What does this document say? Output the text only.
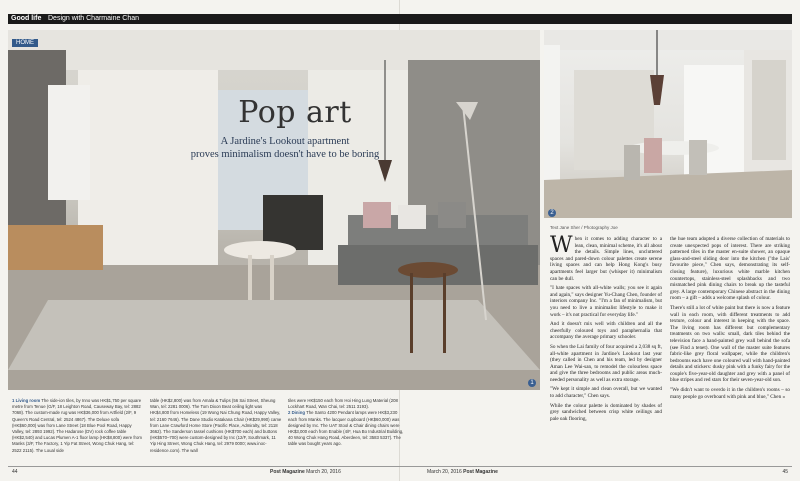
Good life Design with Charmaine Chan
HOME
1
Pop art
A Jardine's Lookout apartment
proves minimalism doesn't have to be boring
2
1 Living room The side-ion tiles, by Inno was HK$1,750 per square metre from Tenue (G/F, 18 Leighton Road, Causeway Bay, tel: 2882 7068). The custom-made rug was HK$36,000 from Artfield (2/F, 9 Queen's Road Central, tel: 2524 4867). The Deluxe sofa (HK$60,000) was from Lane Street (18 Blue Pool Road, Happy Valley, tel: 2893 1992). The Hadarose (DV) rock coffee table (HK$2,540) and Lucas Plumen A-1 floor lamp (HK$8,800) were from Manks (3/F, The Factory, 1 Yip Fat Street, Wong Chuk Hang, tel: 2522 2115). The Loual side
table (HK$2,800) was from Amala & Tulips (56 Sai Street, Sheung Wan, tel: 2281 0006). The Tom Dixon Beat ceiling light was HK$4,800 from Homeless (19 Wong Nai Chung Road, Happy Valley, tel: 2160 7646). The Dane Studio Katakana Chair (HK$29,990) came from Lane Crawford Home Store (Pacific Place, Admiralty, tel: 2118 3662). The Sanderson tassel cushions (HK$700 each) and buttons (HK$570–700) were custom-designed by Inc (12/F, Southmark, 11 Yip Hing Street, Wong Chuk Hang, tel: 2979 0000; www.inoc-residence.com). The wall
tiles were HK$150 each from Hoi Hing Lung Material (208 Lockhart Road, Wan Chai, tel: 2511 3193).
2 Dining The Santo 4200 Pendant lamps were HK$3,230 each from Manks. The lacquer cupboard (HK$60,000) was designed by Inc. The UAT Stool & Chair dining chairs were HK$3,000 each from Enable (4/F, Hua Bo Industrial Building, 40 Wong Chuk Hang Road, Aberdeen, tel: 3583 5337). The table was bought years ago.
Text Jane Sher / Photography Joe

When it comes to adding character to a lean, clean, minimal scheme, it's all about the details. Simple lines, uncluttered spaces and pared-down colour palettes create serene living spaces and can help Hong Kong's busy apartments feel larger but (whisper it) minimalism can be dull.

"I hate spaces with all-white walls; you see it again and again," says designer Yu-Chang Chen, founder of interiors company Inc. "I'm a fan of minimalism, but you need to live a minimalist lifestyle to make it work – it's not practical for everyday life."

And it doesn't mix well with children and all the cheerfully coloured toys and paraphernalia that accompany the average primary schooler.

So when the Lai family of four acquired a 2,038 sq ft, all-white apartment in Jardine's Lookout last year (they called in Chen and his team, led by designer Aman Lee Wai-san, to remodel the colourless space and give the three bedrooms and public areas much-needed personality as well as extra storage.

"We kept it simple and clean overall, but we wanted to add character," Chen says.

While the colour palette is dominated by shades of grey sandwiched between crisp white ceilings and pale oak flooring,

the hue team adopted a diverse collection of materials to create unexpected pops of interest. There are striking patterned tiles in the master en-suite shower, an opaque glass-and-steel sliding door into the kitchen ("the Lais' favourite piece," Chen says, demonstrating its self-closing feature), luxurious white marble kitchen countertops, stainless-steel splashbacks and two mismatched pink dining chairs to break up the tasteful grey. A large contemporary Chinese abstract in the dining room – a gift – adds a welcome splash of colour.

There's still a lot of white paint but there is now a feature wall in each room, with different treatments to add texture, colour and interest in keeping with the space. The living room has different but complementary treatments on two walls: small, dark tiles behind the television face a hand-painted grey wall behind the sofa (see Find a tenet). One wall of the master suite features fabric-like grey floral wallpaper, while the children's bedrooms each have one coloured wall with hand-painted details and stickers: dusky pink with a funky fairy for the couple's five-year-old daughter and grey with a panel of blue stripes and red stars for their seven-year-old son.

"We didn't want to overdo it in the children's rooms – so many people go overboard with pink and blue," Chen »

44	Post Magazine March 20, 2016	March 20, 2016 Post Magazine	45
